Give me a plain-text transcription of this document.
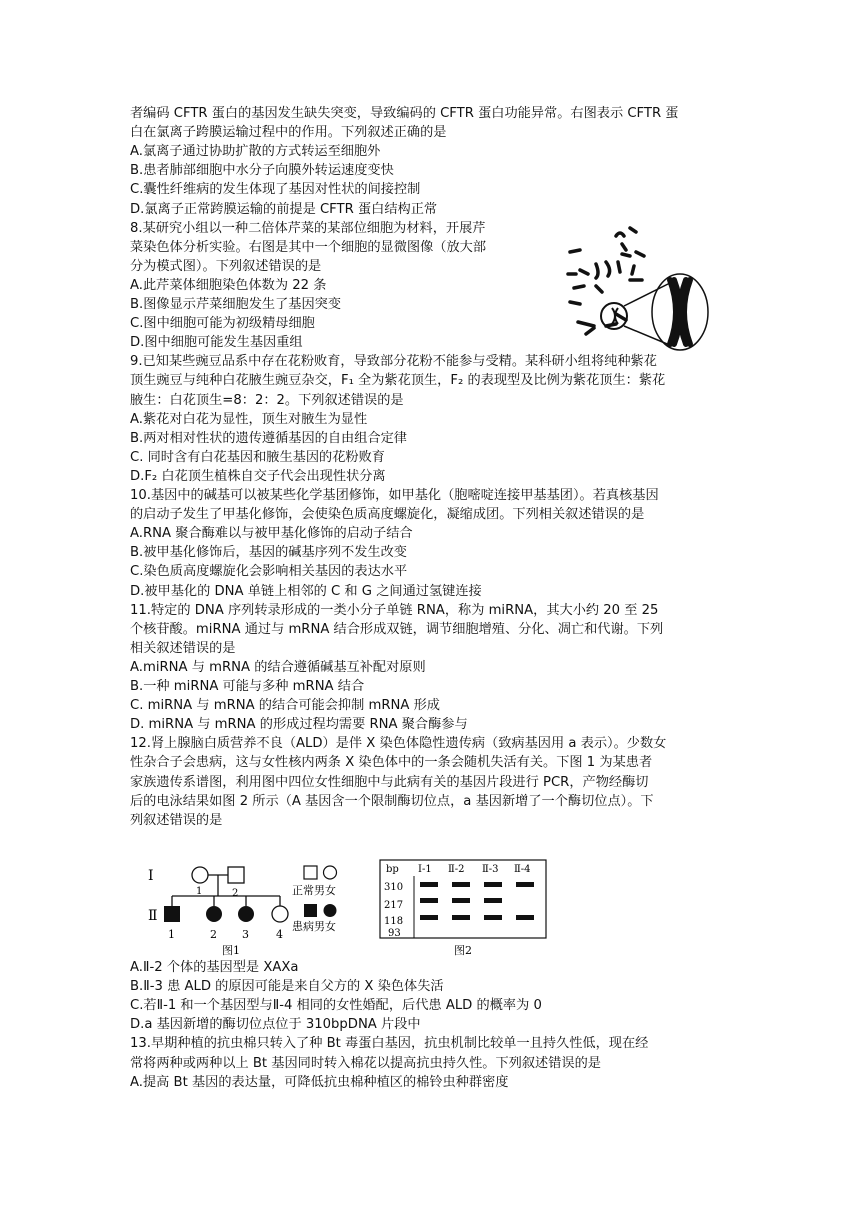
者编码 CFTR 蛋白的基因发生缺失突变，导致编码的 CFTR 蛋白功能异常。右图表示 CFTR 蛋
白在氯离子跨膜运输过程中的作用。下列叙述正确的是
A.氯离子通过协助扩散的方式转运至细胞外
B.患者肺部细胞中水分子向膜外转运速度变快
C.囊性纤维病的发生体现了基因对性状的间接控制
D.氯离子正常跨膜运输的前提是 CFTR 蛋白结构正常
8.某研究小组以一种二倍体芹菜的某部位细胞为材料，开展芹
菜染色体分析实验。右图是其中一个细胞的显微图像（放大部
分为模式图）。下列叙述错误的是
A.此芹菜体细胞染色体数为 22 条
B.图像显示芹菜细胞发生了基因突变
C.图中细胞可能为初级精母细胞
D.图中细胞可能发生基因重组
9.已知某些豌豆品系中存在花粉败育，导致部分花粉不能参与受精。某科研小组将纯种紫花
顶生豌豆与纯种白花腋生豌豆杂交，F₁ 全为紫花顶生，F₂ 的表现型及比例为紫花顶生：紫花
腋生：白花顶生=8：2：2。下列叙述错误的是
A.紫花对白花为显性，顶生对腋生为显性
B.两对相对性状的遗传遵循基因的自由组合定律
C. 同时含有白花基因和腋生基因的花粉败育
D.F₂ 白花顶生植株自交子代会出现性状分离
10.基因中的碱基可以被某些化学基团修饰，如甲基化（胞嘧啶连接甲基基团）。若真核基因
的启动子发生了甲基化修饰，会使染色质高度螺旋化，凝缩成团。下列相关叙述错误的是
A.RNA 聚合酶难以与被甲基化修饰的启动子结合
B.被甲基化修饰后，基因的碱基序列不发生改变
C.染色质高度螺旋化会影响相关基因的表达水平
D.被甲基化的 DNA 单链上相邻的 C 和 G 之间通过氢键连接
11.特定的 DNA 序列转录形成的一类小分子单链 RNA，称为 miRNA，其大小约 20 至 25
个核苷酸。miRNA 通过与 mRNA 结合形成双链，调节细胞增殖、分化、凋亡和代谢。下列
相关叙述错误的是
A.miRNA 与 mRNA 的结合遵循碱基互补配对原则
B.一种 miRNA 可能与多种 mRNA 结合
C. miRNA 与 mRNA 的结合可能会抑制 mRNA 形成
D. miRNA 与 mRNA 的形成过程均需要 RNA 聚合酶参与
12.肾上腺脑白质营养不良（ALD）是伴 X 染色体隐性遗传病（致病基因用 a 表示）。少数女
性杂合子会患病，这与女性核内两条 X 染色体中的一条会随机失活有关。下图 1 为某患者
家族遗传系谱图，利用图中四位女性细胞中与此病有关的基因片段进行 PCR，产物经酶切
后的电泳结果如图 2 所示（A 基因含一个限制酶切位点，a 基因新增了一个酶切位点）。下
列叙述错误的是
Ⅰ
Ⅱ
1	2
1	2 3 4
正常男女
患病男女
图1
bp Ⅰ-1 Ⅱ-2 Ⅱ-3 Ⅱ-4
310
217
118
93
图2
A.Ⅱ-2 个体的基因型是 XAXa
B.Ⅱ-3 患 ALD 的原因可能是来自父方的 X 染色体失活
C.若Ⅱ-1 和一个基因型与Ⅱ-4 相同的女性婚配，后代患 ALD 的概率为 0
D.a 基因新增的酶切位点位于 310bpDNA 片段中
13.早期种植的抗虫棉只转入了种 Bt 毒蛋白基因，抗虫机制比较单一且持久性低，现在经
常将两种或两种以上 Bt 基因同时转入棉花以提高抗虫持久性。下列叙述错误的是
A.提高 Bt 基因的表达量，可降低抗虫棉种植区的棉铃虫种群密度
